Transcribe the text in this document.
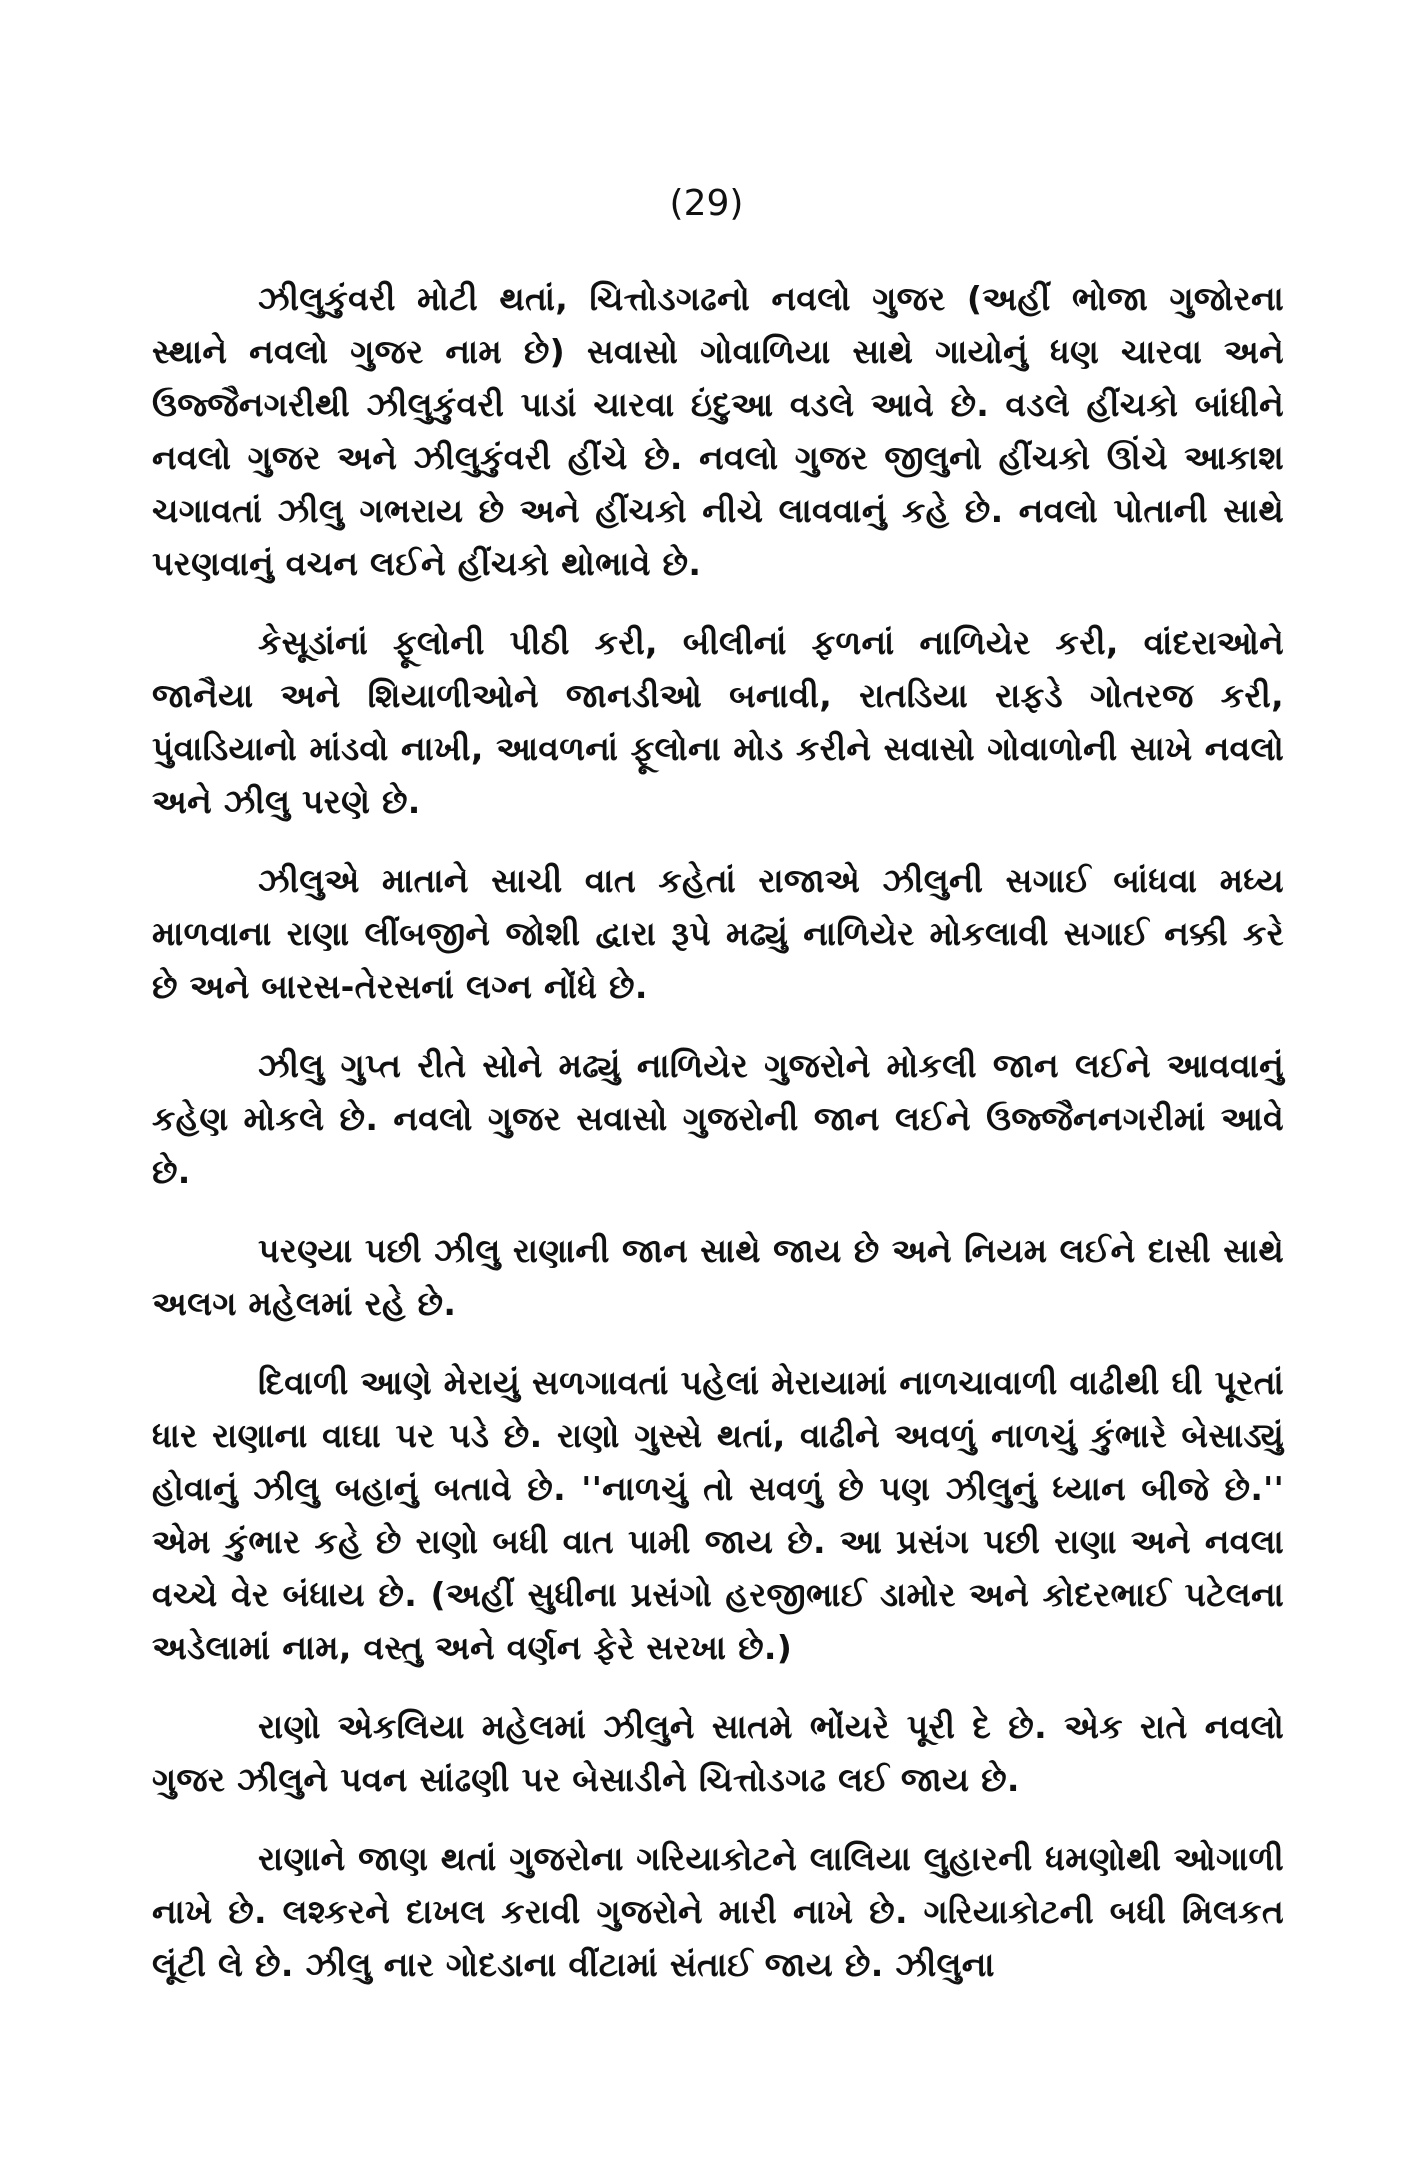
(29)

ઝીલુકુંવરી મોટી થતાં, ચિત્તોડગઢનો નવલો ગુજર (અહીં ભોજા ગુજોરના સ્થાને નવલો ગુજર નામ છે) સવાસો ગોવાળિયા સાથે ગાયોનું ધણ ચારવા અને ઉજ્જૈનગરીથી ઝીલુકુંવરી પાડાં ચારવા ઇંદુઆ વડલે આવે છે. વડલે હીંચકો બાંધીને નવલો ગુજર અને ઝીલુકુંવરી હીંચે છે. નવલો ગુજર જીલુનો હીંચકો ઊંચે આકાશ ચગાવતાં ઝીલુ ગભરાય છે અને હીંચકો નીચે લાવવાનું કહે છે. નવલો પોતાની સાથે પરણવાનું વચન લઈને હીંચકો થોભાવે છે.

કેસૂડાંનાં ફૂલોની પીઠી કરી, બીલીનાં ફળનાં નાળિયેર કરી, વાંદરાઓને જાનૈયા અને શિયાળીઓને જાનડીઓ બનાવી, રાતડિયા રાફડે ગોતરજ કરી, પુંવાડિયાનો માંડવો નાખી, આવળનાં ફૂલોના મોડ કરીને સવાસો ગોવાળોની સાખે નવલો અને ઝીલુ પરણે છે.

ઝીલુએ માતાને સાચી વાત કહેતાં રાજાએ ઝીલુની સગાઈ બાંધવા મધ્ય માળવાના રાણા લીંબજીને જોશી દ્વારા રૂપે મઢ્યું નાળિયેર મોકલાવી સગાઈ નક્કી કરે છે અને બારસ-તેરસનાં લગ્ન નોંધે છે.

ઝીલુ ગુપ્ત રીતે સોને મઢ્યું નાળિયેર ગુજરોને મોકલી જાન લઈને આવવાનું કહેણ મોકલે છે. નવલો ગુજર સવાસો ગુજરોની જાન લઈને ઉજ્જૈનનગરીમાં આવે છે.

પરણ્યા પછી ઝીલુ રાણાની જાન સાથે જાય છે અને નિયમ લઈને દાસી સાથે અલગ મહેલમાં રહે છે.

દિવાળી આણે મેરાયું સળગાવતાં પહેલાં મેરાયામાં નાળચાવાળી વાઢીથી ઘી પૂરતાં ધાર રાણાના વાઘા પર પડે છે. રાણો ગુસ્સે થતાં, વાઢીને અવળું નાળચું કુંભારે બેસાડ્યું હોવાનું ઝીલુ બહાનું બતાવે છે. ''નાળચું તો સવળું છે પણ ઝીલુનું ધ્યાન બીજે છે.'' એમ કુંભાર કહે છે રાણો બધી વાત પામી જાય છે. આ પ્રસંગ પછી રાણા અને નવલા વચ્ચે વેર બંધાય છે. (અહીં સુધીના પ્રસંગો હરજીભાઈ ડામોર અને કોદરભાઈ પટેલના અડેલામાં નામ, વસ્તુ અને વર્ણન ફેરે સરખા છે.)

રાણો એકલિયા મહેલમાં ઝીલુને સાતમે ભોંયરે પૂરી દે છે. એક રાતે નવલો ગુજર ઝીલુને પવન સાંઢણી પર બેસાડીને ચિત્તોડગઢ લઈ જાય છે.

રાણાને જાણ થતાં ગુજરોના ગરિયાકોટને લાલિયા લુહારની ધમણોથી ઓગાળી નાખે છે. લશ્કરને દાખલ કરાવી ગુજરોને મારી નાખે છે. ગરિયાકોટની બધી મિલકત લૂંટી લે છે. ઝીલુ નાર ગોદડાના વીંટામાં સંતાઈ જાય છે. ઝીલુના
